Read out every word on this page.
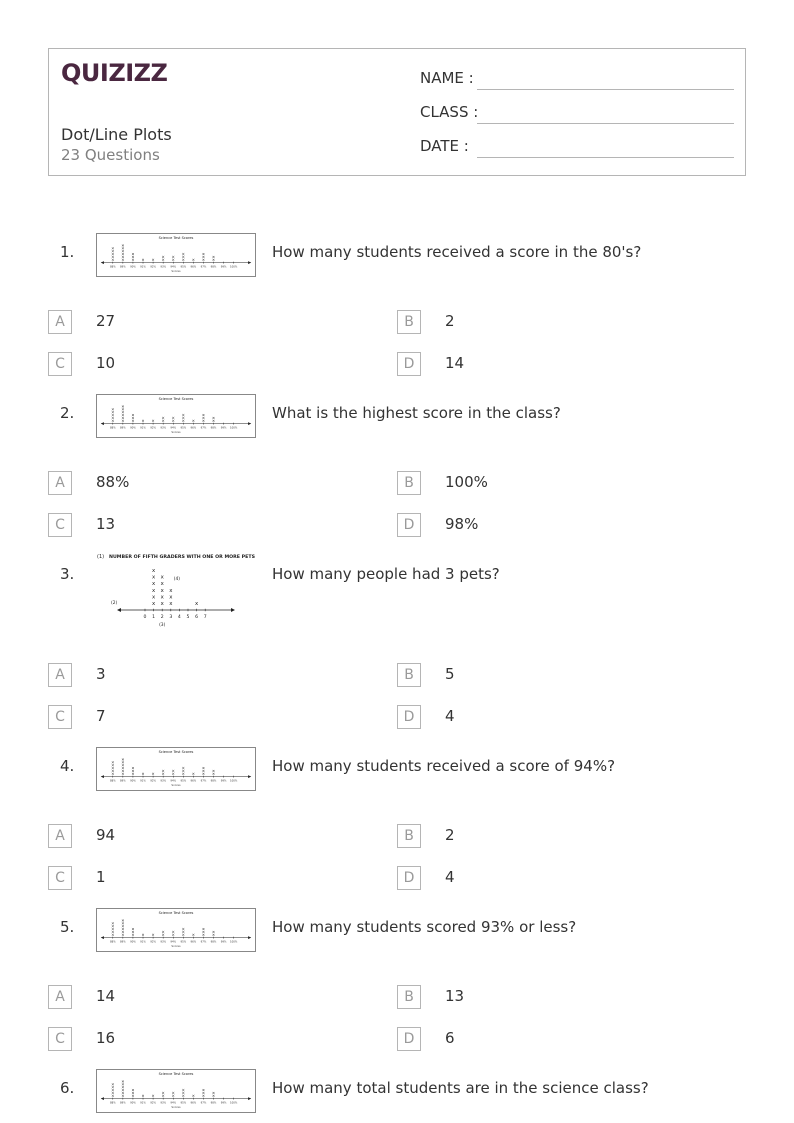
QUIZIZZ
Dot/Line Plots
23 Questions
NAME :
CLASS :
DATE :
1.
Science Test Scores
88% 89% 90% 91% 92% 93% 94% 95% 96% 97% 98% 99% 100%
Scores
How many students received a score in the 80's?
A	27	B	2
C	10	D	14
2.
Science Test Scores
88% 89% 90% 91% 92% 93% 94% 95% 96% 97% 98% 99% 100%
Scores
What is the highest score in the class?
A	88%	B	100%
C	13	D	98%
3.
(1) NUMBER OF FIFTH GRADERS WITH ONE OR MORE PETS
0 1
x
x
x
x
x
x
2
x
x
x
x
x
3
x
x
x
4 5 6
x
7
(2)
(3)
(4)	How many people had 3 pets?
A	3	B	5
C	7	D	4
4.
Science Test Scores
88% 89% 90% 91% 92% 93% 94% 95% 96% 97% 98% 99% 100%
Scores
How many students received a score of 94%?
A	94	B	2
C	1	D	4
5.
Science Test Scores
88% 89% 90% 91% 92% 93% 94% 95% 96% 97% 98% 99% 100%
Scores
How many students scored 93% or less?
A	14	B	13
C	16	D	6
6.
Science Test Scores
88% 89% 90% 91% 92% 93% 94% 95% 96% 97% 98% 99% 100%
Scores
How many total students are in the science class?
